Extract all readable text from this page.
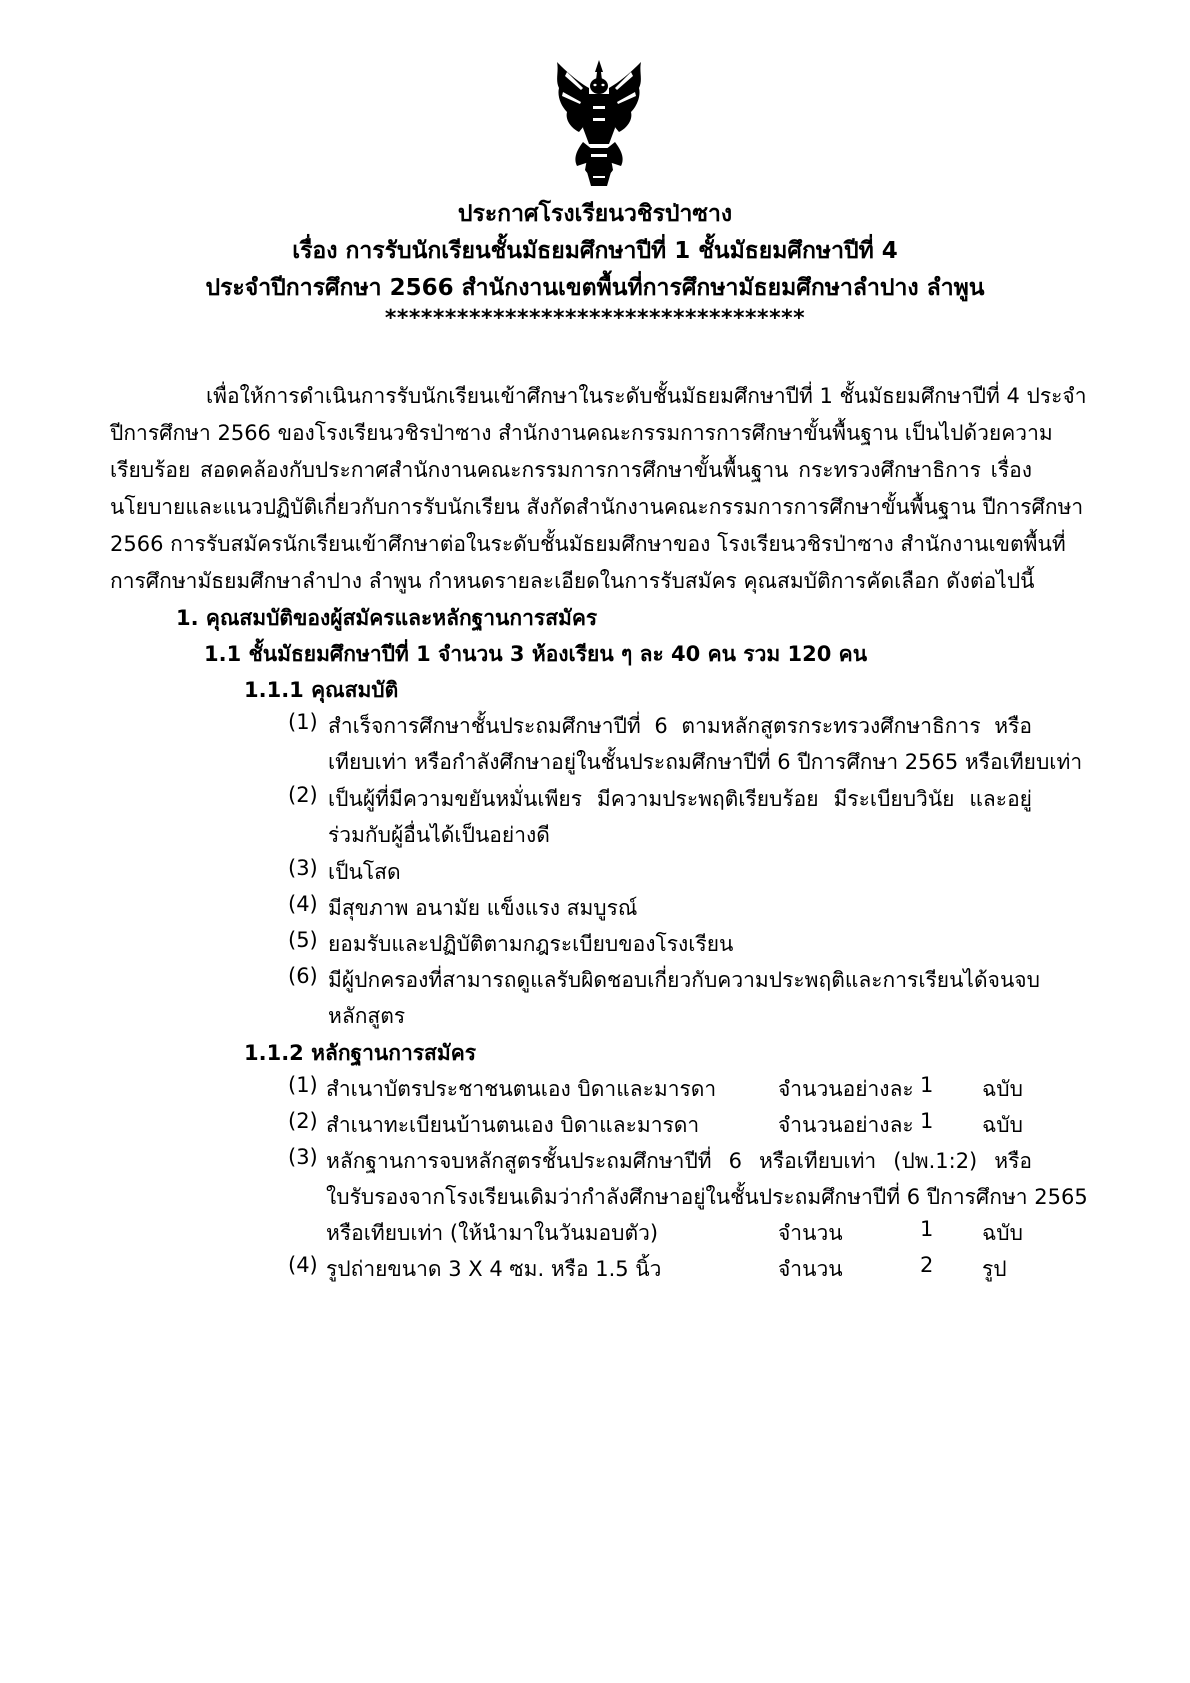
ประกาศโรงเรียนวชิรป่าซาง
เรื่อง การรับนักเรียนชั้นมัธยมศึกษาปีที่ 1 ชั้นมัธยมศึกษาปีที่ 4
ประจำปีการศึกษา 2566 สำนักงานเขตพื้นที่การศึกษามัธยมศึกษาลำปาง ลำพูน
***********************************
เพื่อให้การดำเนินการรับนักเรียนเข้าศึกษาในระดับชั้นมัธยมศึกษาปีที่ 1 ชั้นมัธยมศึกษาปีที่ 4 ประจำ
ปีการศึกษา 2566 ของโรงเรียนวชิรป่าซาง สำนักงานคณะกรรมการการศึกษาขั้นพื้นฐาน เป็นไปด้วยความ
เรียบร้อย สอดคล้องกับประกาศสำนักงานคณะกรรมการการศึกษาขั้นพื้นฐาน กระทรวงศึกษาธิการ เรื่อง
นโยบายและแนวปฏิบัติเกี่ยวกับการรับนักเรียน สังกัดสำนักงานคณะกรรมการการศึกษาขั้นพื้นฐาน ปีการศึกษา
2566 การรับสมัครนักเรียนเข้าศึกษาต่อในระดับชั้นมัธยมศึกษาของ โรงเรียนวชิรป่าซาง สำนักงานเขตพื้นที่
การศึกษามัธยมศึกษาลำปาง ลำพูน กำหนดรายละเอียดในการรับสมัคร คุณสมบัติการคัดเลือก ดังต่อไปนี้
1. คุณสมบัติของผู้สมัครและหลักฐานการสมัคร
1.1 ชั้นมัธยมศึกษาปีที่ 1 จำนวน 3 ห้องเรียน ๆ ละ 40 คน รวม 120 คน
1.1.1 คุณสมบัติ
(1) สำเร็จการศึกษาชั้นประถมศึกษาปีที่ 6 ตามหลักสูตรกระทรวงศึกษาธิการ หรือ
เทียบเท่า หรือกำลังศึกษาอยู่ในชั้นประถมศึกษาปีที่ 6 ปีการศึกษา 2565 หรือเทียบเท่า
(2) เป็นผู้ที่มีความขยันหมั่นเพียร มีความประพฤติเรียบร้อย มีระเบียบวินัย และอยู่
ร่วมกับผู้อื่นได้เป็นอย่างดี
(3) เป็นโสด
(4) มีสุขภาพ อนามัย แข็งแรง สมบูรณ์
(5) ยอมรับและปฏิบัติตามกฎระเบียบของโรงเรียน
(6) มีผู้ปกครองที่สามารถดูแลรับผิดชอบเกี่ยวกับความประพฤติและการเรียนได้จนจบ
หลักสูตร
1.1.2 หลักฐานการสมัคร
(1) สำเนาบัตรประชาชนตนเอง บิดาและมารดา	จำนวนอย่างละ 1 ฉบับ
(2) สำเนาทะเบียนบ้านตนเอง บิดาและมารดา	จำนวนอย่างละ 1 ฉบับ
(3) หลักฐานการจบหลักสูตรชั้นประถมศึกษาปีที่ 6 หรือเทียบเท่า (ปพ.1:2) หรือ
ใบรับรองจากโรงเรียนเดิมว่ากำลังศึกษาอยู่ในชั้นประถมศึกษาปีที่ 6 ปีการศึกษา 2565
หรือเทียบเท่า (ให้นำมาในวันมอบตัว)	จำนวน	1 ฉบับ
(4) รูปถ่ายขนาด 3 X 4 ซม. หรือ 1.5 นิ้ว	จำนวน	2 รูป
